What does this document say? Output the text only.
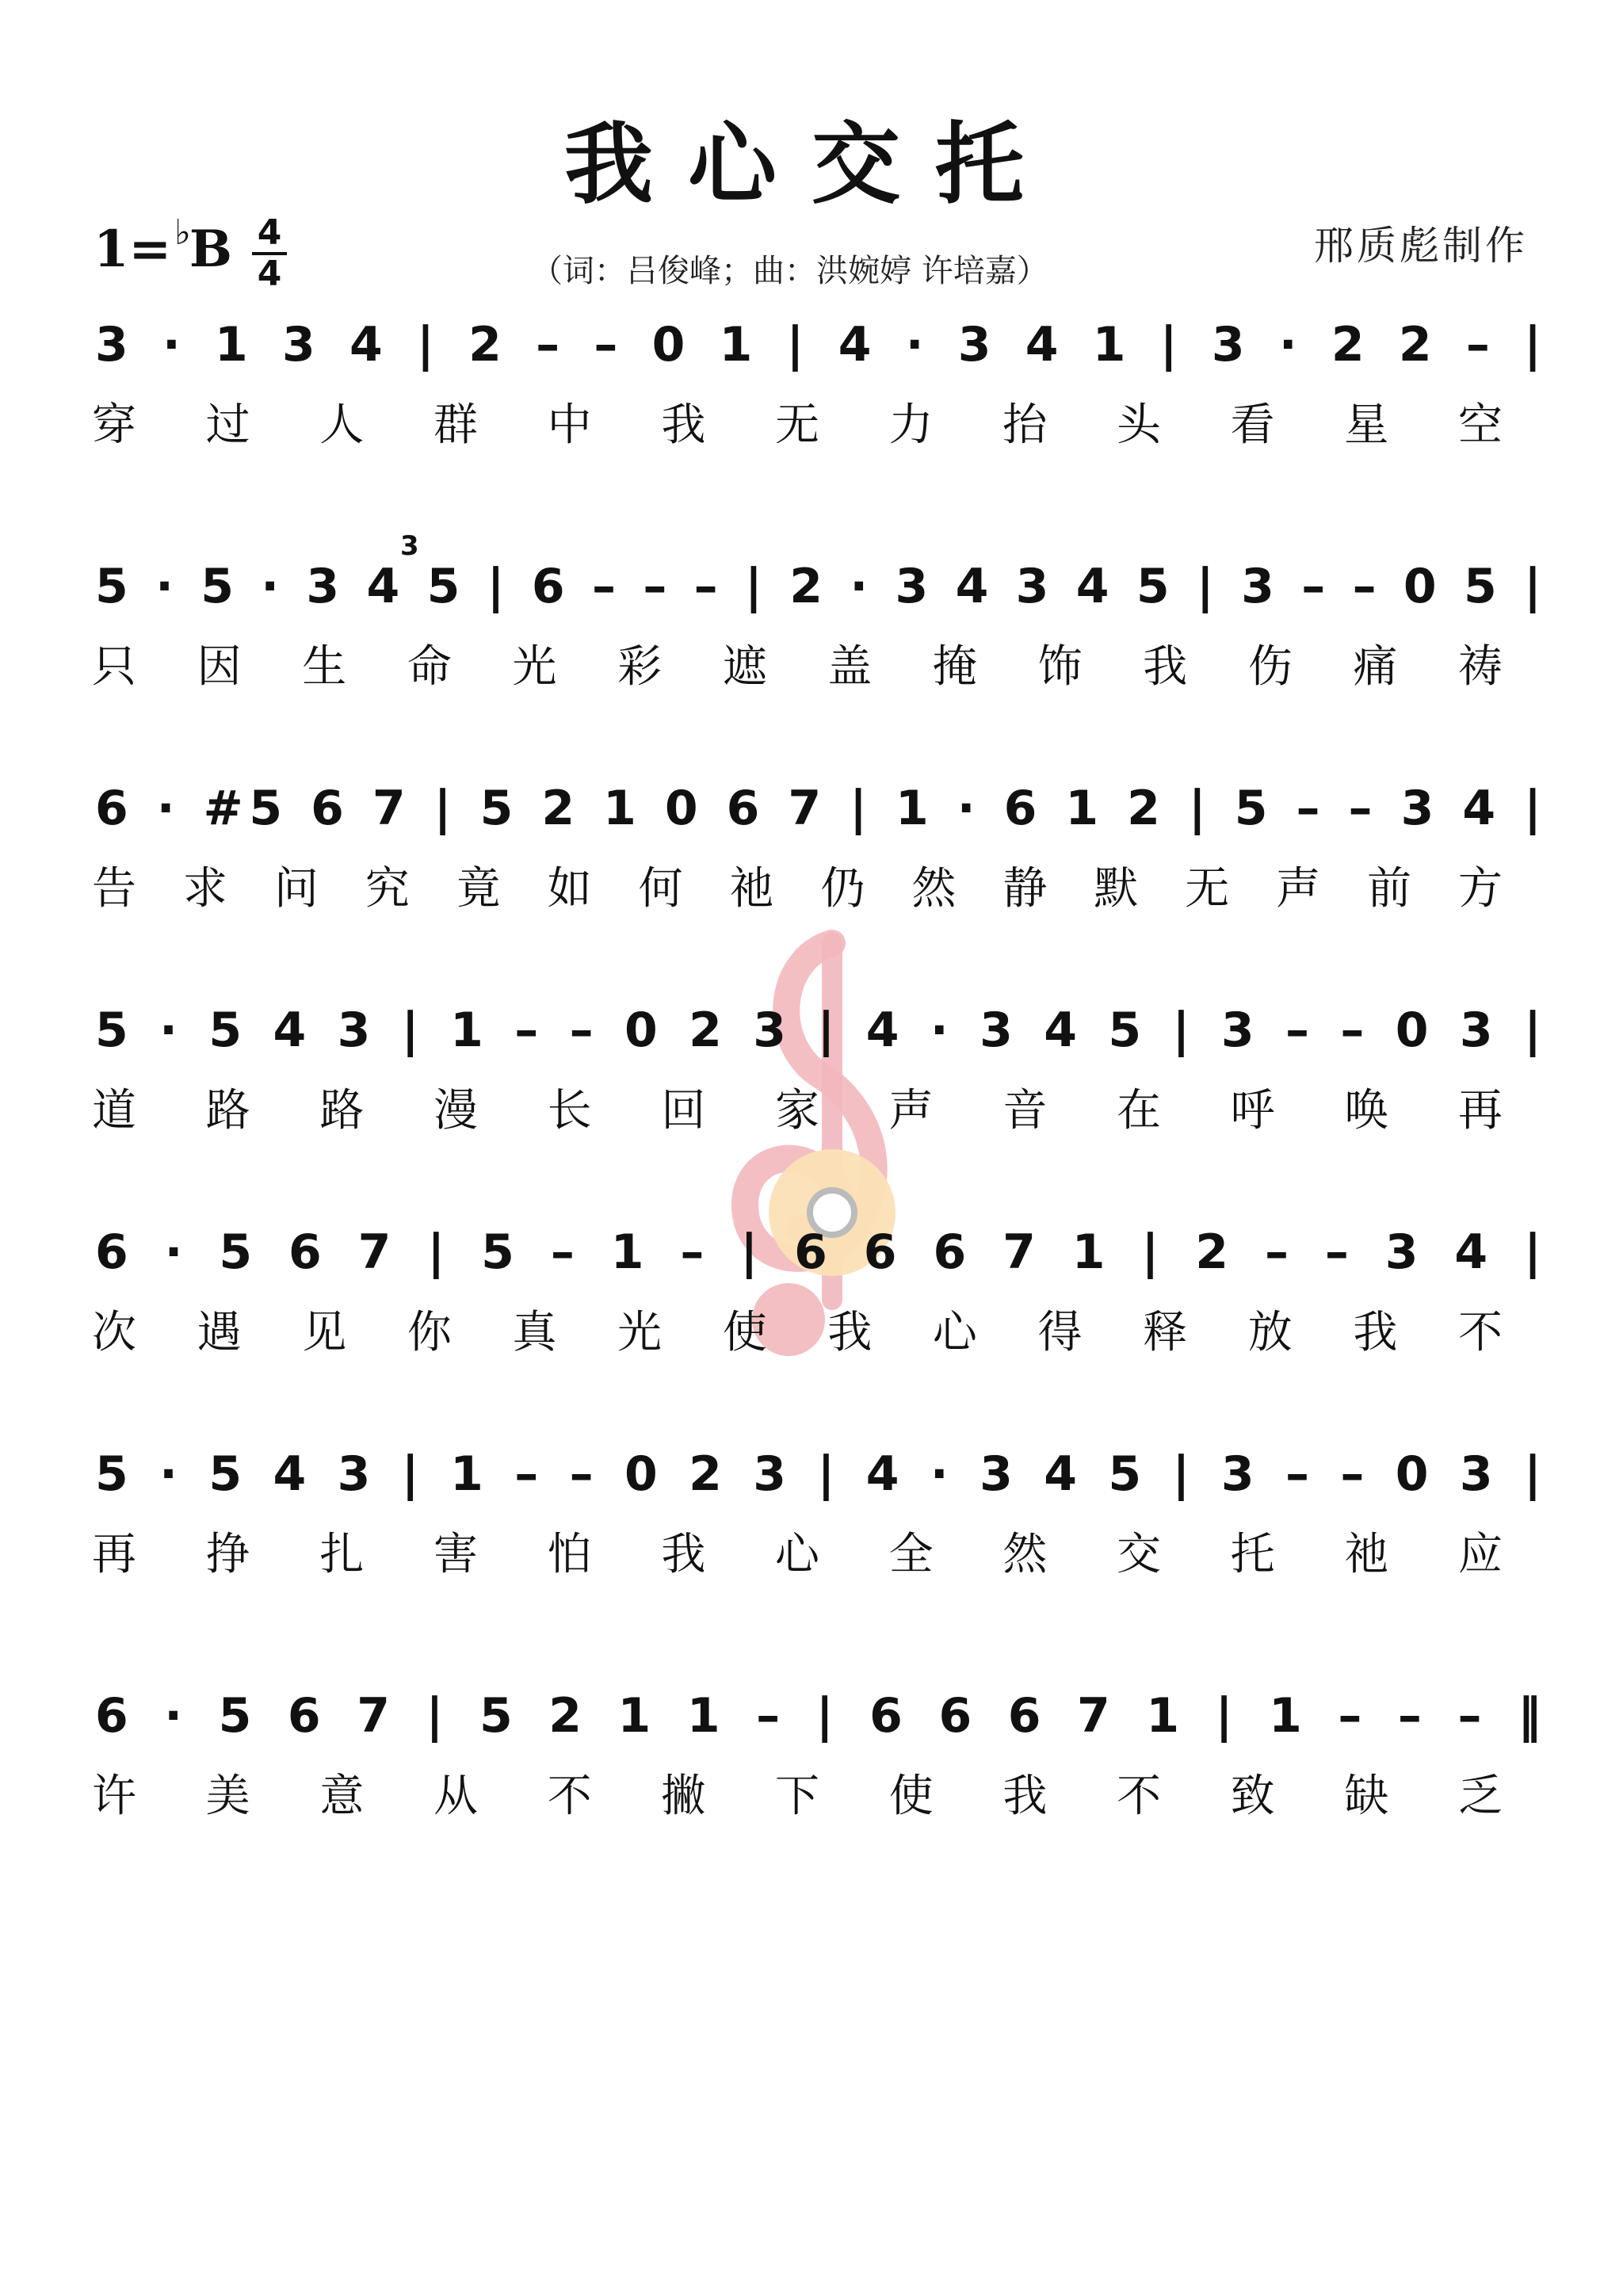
我心交托
1=♭B 4
4	（词：吕俊峰；曲：洪婉婷 许培嘉）
邢质彪制作
3 · 1 3 4 | 2 – – 0 1 | 4 · 3 4 1 | 3 · 2 2 – |
穿 过 人 群 中 我 无 力 抬 头 看 星 空
5 · 5 · 3 4 5 | 6 – – – | 2 · 3 4 3 4 5 | 3 – – 0 5 |
3
只 因 生 命 光 彩 遮 盖 掩 饰 我 伤 痛 祷
6 · #5 6 7 | 5 2 1 0 6 7 | 1 · 6 1 2 | 5 – – 3 4 |
告 求 问 究 竟 如 何 祂 仍 然 静 默 无 声 前 方
5 · 5 4 3 | 1 – – 0 2 3 | 4 · 3 4 5 | 3 – – 0 3 |
道 路 路 漫 长 回 家 声 音 在 呼 唤 再
6 · 5 6 7 | 5 – 1 – | 6 6 6 7 1 | 2 – – 3 4 |
次 遇 见 你 真 光 使 我 心 得 释 放 我 不
5 · 5 4 3 | 1 – – 0 2 3 | 4 · 3 4 5 | 3 – – 0 3 |
再 挣 扎 害 怕 我 心 全 然 交 托 祂 应
6 · 5 6 7 | 5 2 1 1 – | 6 6 6 7 1 | 1 – – – ‖
许 美 意 从 不 撇 下 使 我 不 致 缺 乏
